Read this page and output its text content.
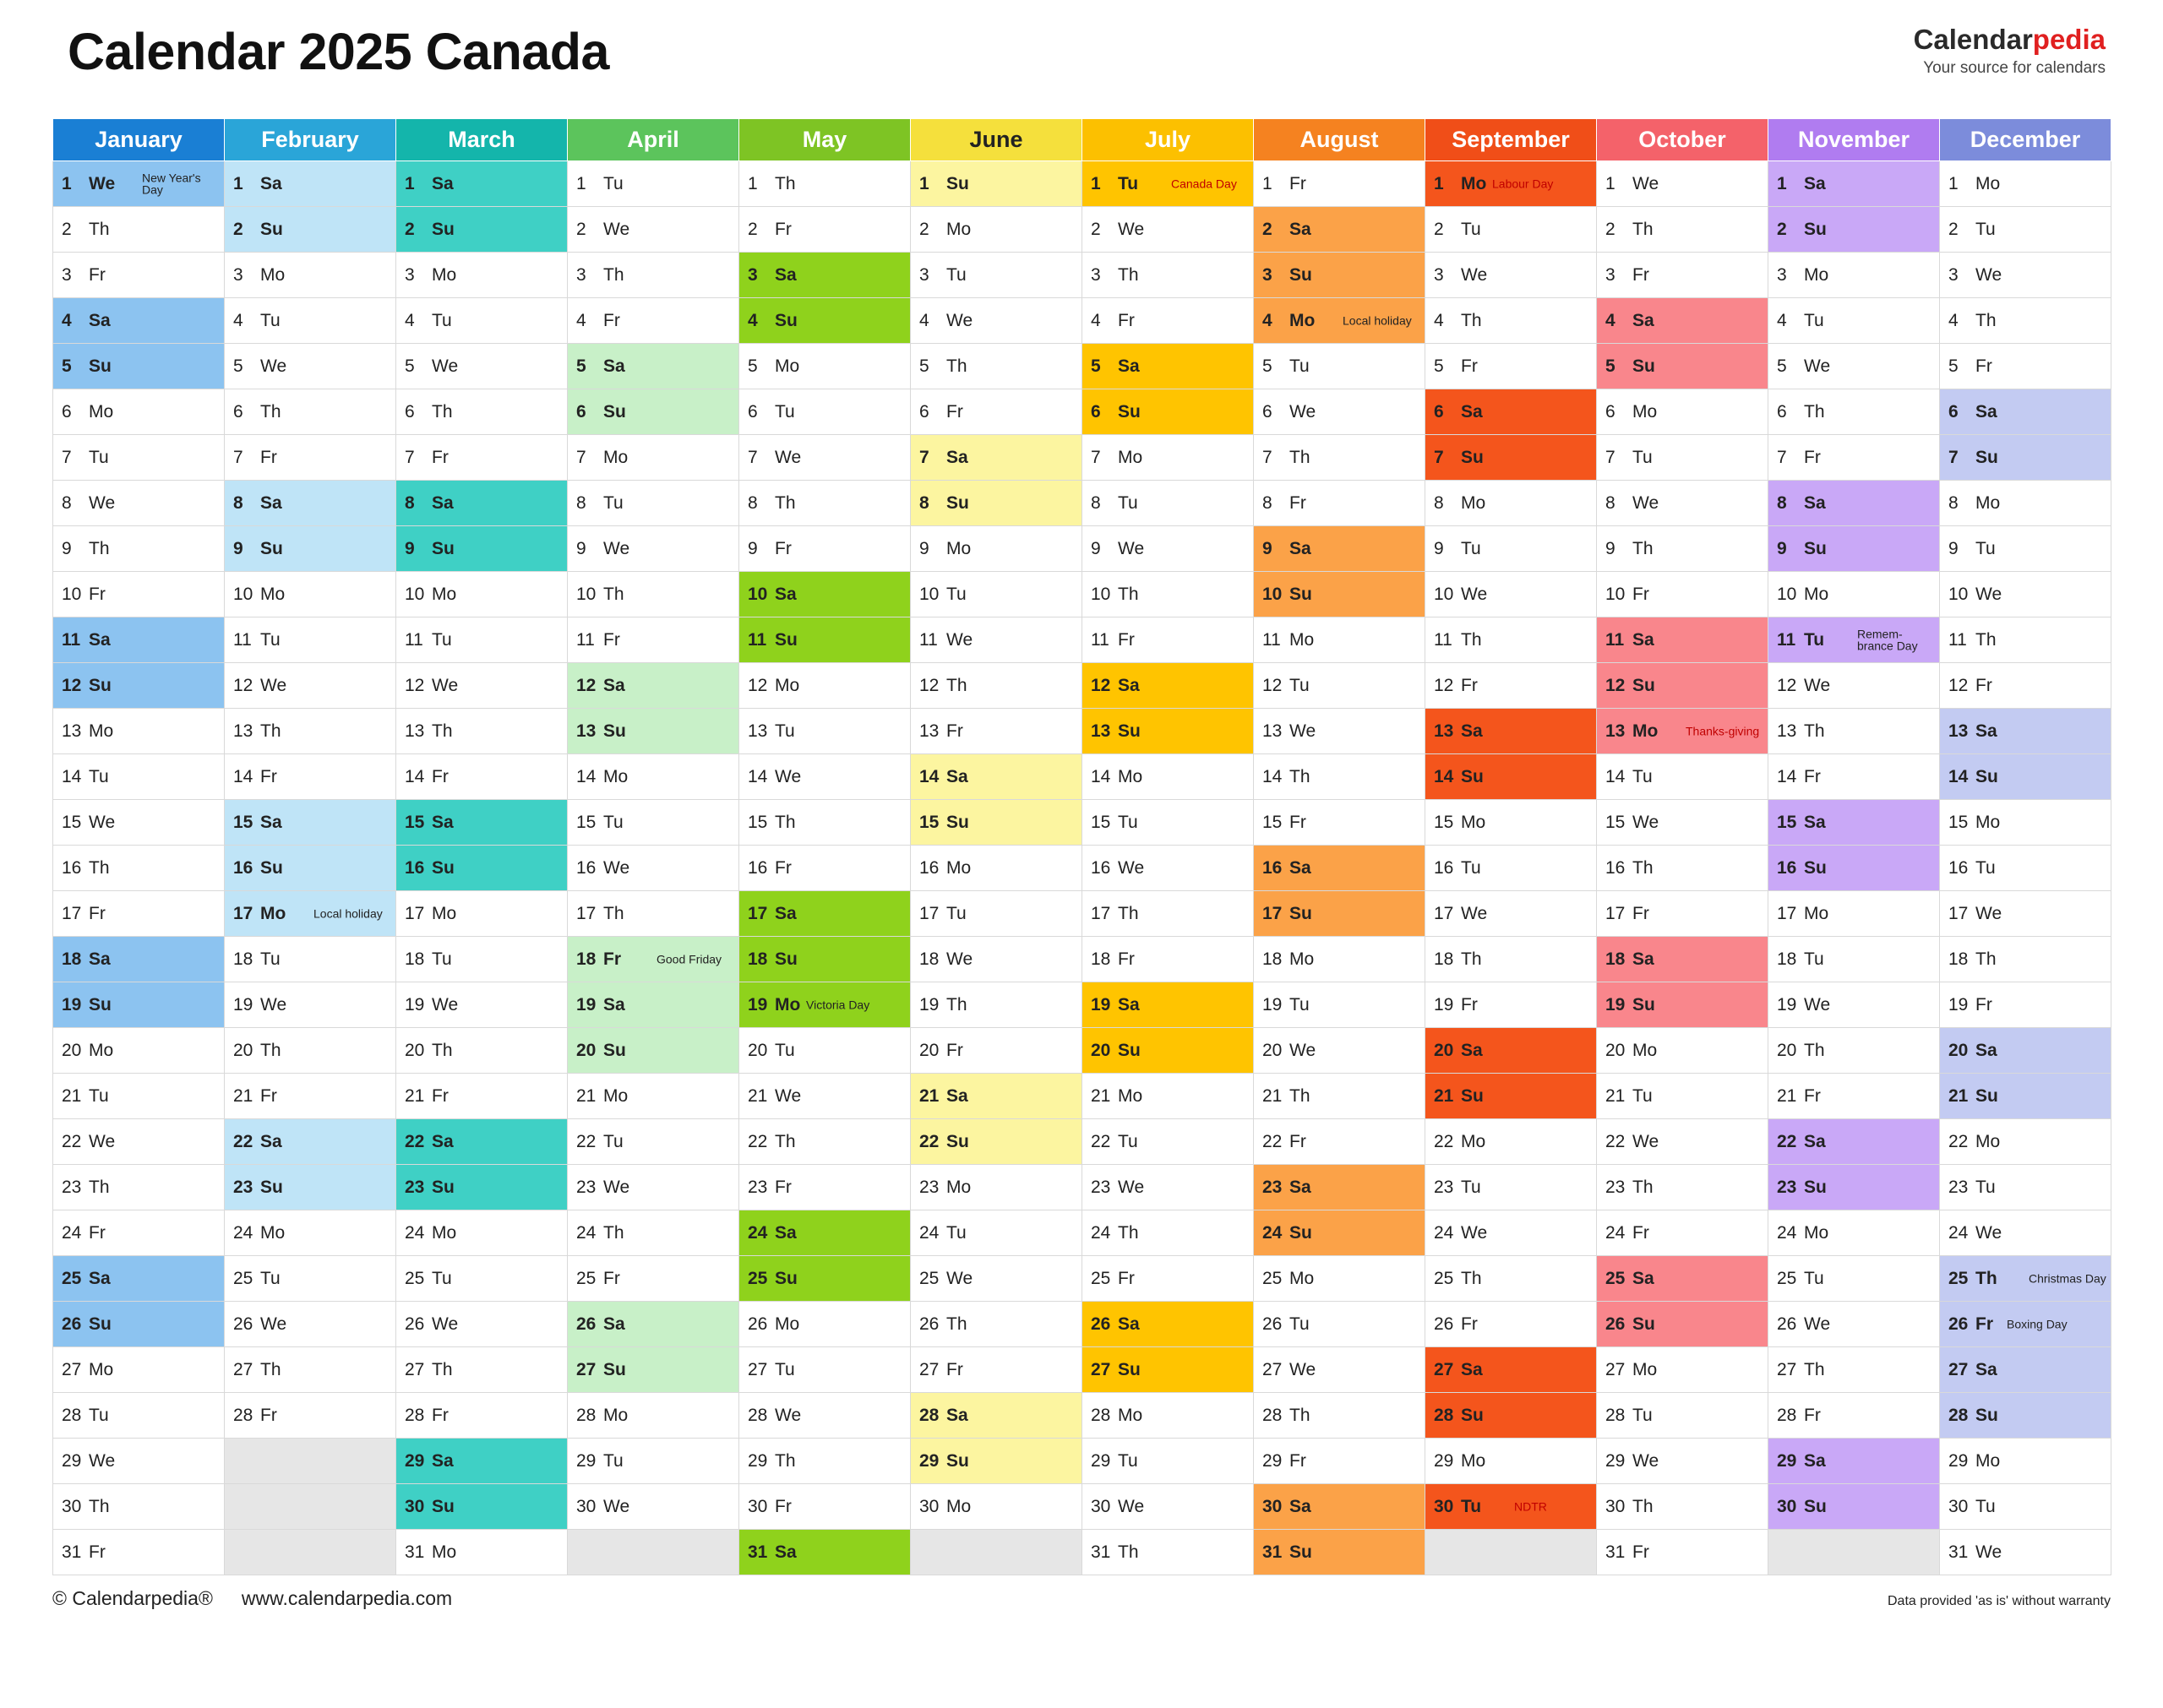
Calendar 2025 Canada	Calendarpedia
Your source for calendars
January	February	March	April	May	June	July	August	September	October	November	December

1 We New Year's Day	1 Sa	1 Sa	1 Tu	1 Th	1 Su	1 Tu Canada Day	1 Fr	1 Mo Labour Day	1 We	1 Sa	1 Mo

2 Th	2 Su	2 Su	2 We	2 Fr	2 Mo	2 We	2 Sa	2 Tu	2 Th	2 Su	2 Tu

3 Fr	3 Mo	3 Mo	3 Th	3 Sa	3 Tu	3 Th	3 Su	3 We	3 Fr	3 Mo	3 We

4 Sa	4 Tu	4 Tu	4 Fr	4 Su	4 We	4 Fr	4 Mo Local holiday	4 Th	4 Sa	4 Tu	4 Th

5 Su	5 We	5 We	5 Sa	5 Mo	5 Th	5 Sa	5 Tu	5 Fr	5 Su	5 We	5 Fr

6 Mo	6 Th	6 Th	6 Su	6 Tu	6 Fr	6 Su	6 We	6 Sa	6 Mo	6 Th	6 Sa

7 Tu	7 Fr	7 Fr	7 Mo	7 We	7 Sa	7 Mo	7 Th	7 Su	7 Tu	7 Fr	7 Su

8 We	8 Sa	8 Sa	8 Tu	8 Th	8 Su	8 Tu	8 Fr	8 Mo	8 We	8 Sa	8 Mo

9 Th	9 Su	9 Su	9 We	9 Fr	9 Mo	9 We	9 Sa	9 Tu	9 Th	9 Su	9 Tu

10 Fr	10 Mo	10 Mo	10 Th	10 Sa	10 Tu	10 Th	10 Su	10 We	10 Fr	10 Mo	10 We

11 Sa	11 Tu	11 Tu	11 Fr	11 Su	11 We	11 Fr	11 Mo	11 Th	11 Sa	11 Tu Remem-​brance Day	11 Th

12 Su	12 We	12 We	12 Sa	12 Mo	12 Th	12 Sa	12 Tu	12 Fr	12 Su	12 We	12 Fr

13 Mo	13 Th	13 Th	13 Su	13 Tu	13 Fr	13 Su	13 We	13 Sa	13 Mo Thanks-​giving	13 Th	13 Sa

14 Tu	14 Fr	14 Fr	14 Mo	14 We	14 Sa	14 Mo	14 Th	14 Su	14 Tu	14 Fr	14 Su

15 We	15 Sa	15 Sa	15 Tu	15 Th	15 Su	15 Tu	15 Fr	15 Mo	15 We	15 Sa	15 Mo

16 Th	16 Su	16 Su	16 We	16 Fr	16 Mo	16 We	16 Sa	16 Tu	16 Th	16 Su	16 Tu

17 Fr	17 Mo Local holiday	17 Mo	17 Th	17 Sa	17 Tu	17 Th	17 Su	17 We	17 Fr	17 Mo	17 We

18 Sa	18 Tu	18 Tu	18 Fr Good Friday	18 Su	18 We	18 Fr	18 Mo	18 Th	18 Sa	18 Tu	18 Th

19 Su	19 We	19 We	19 Sa	19 Mo Victoria Day	19 Th	19 Sa	19 Tu	19 Fr	19 Su	19 We	19 Fr

20 Mo	20 Th	20 Th	20 Su	20 Tu	20 Fr	20 Su	20 We	20 Sa	20 Mo	20 Th	20 Sa

21 Tu	21 Fr	21 Fr	21 Mo	21 We	21 Sa	21 Mo	21 Th	21 Su	21 Tu	21 Fr	21 Su

22 We	22 Sa	22 Sa	22 Tu	22 Th	22 Su	22 Tu	22 Fr	22 Mo	22 We	22 Sa	22 Mo

23 Th	23 Su	23 Su	23 We	23 Fr	23 Mo	23 We	23 Sa	23 Tu	23 Th	23 Su	23 Tu

24 Fr	24 Mo	24 Mo	24 Th	24 Sa	24 Tu	24 Th	24 Su	24 We	24 Fr	24 Mo	24 We

25 Sa	25 Tu	25 Tu	25 Fr	25 Su	25 We	25 Fr	25 Mo	25 Th	25 Sa	25 Tu	25 Th Christmas Day

26 Su	26 We	26 We	26 Sa	26 Mo	26 Th	26 Sa	26 Tu	26 Fr	26 Su	26 We	26 Fr Boxing Day

27 Mo	27 Th	27 Th	27 Su	27 Tu	27 Fr	27 Su	27 We	27 Sa	27 Mo	27 Th	27 Sa

28 Tu	28 Fr	28 Fr	28 Mo	28 We	28 Sa	28 Mo	28 Th	28 Su	28 Tu	28 Fr	28 Su

29 We		29 Sa	29 Tu	29 Th	29 Su	29 Tu	29 Fr	29 Mo	29 We	29 Sa	29 Mo

30 Th		30 Su	30 We	30 Fr	30 Mo	30 We	30 Sa	30 Tu NDTR	30 Th	30 Su	30 Tu

31 Fr		31 Mo		31 Sa		31 Th	31 Su		31 Fr		31 We
© Calendarpedia® www.calendarpedia.com	Data provided 'as is' without warranty
